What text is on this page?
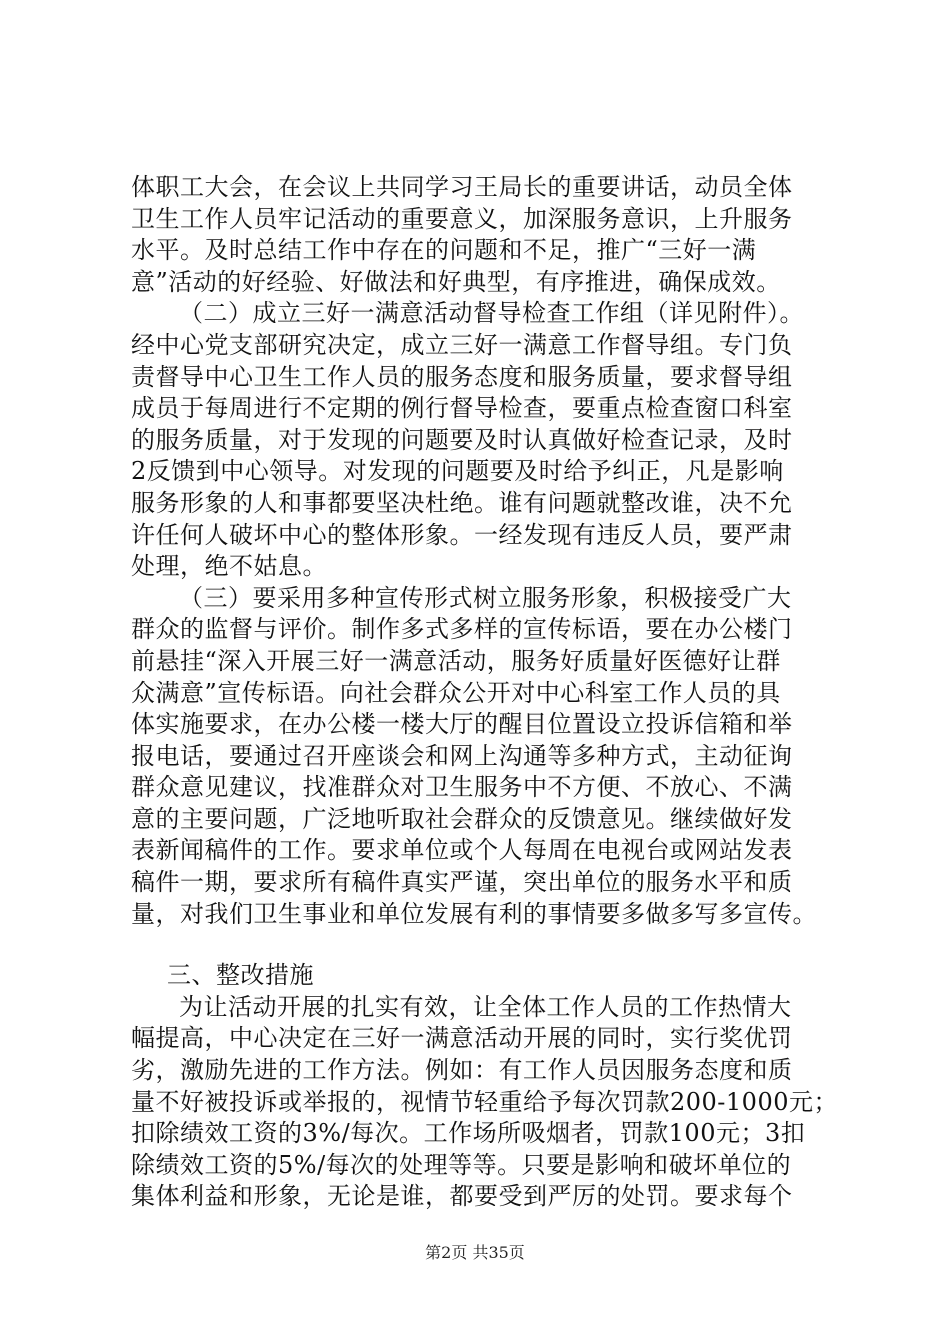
体职工大会，在会议上共同学习王局长的重要讲话，动员全体
卫生工作人员牢记活动的重要意义，加深服务意识，上升服务
水平。及时总结工作中存在的问题和不足，推广“三好一满
意”活动的好经验、好做法和好典型，有序推进，确保成效。
（二）成立三好一满意活动督导检查工作组（详见附件）。
经中心党支部研究决定，成立三好一满意工作督导组。专门负
责督导中心卫生工作人员的服务态度和服务质量，要求督导组
成员于每周进行不定期的例行督导检查，要重点检查窗口科室
的服务质量，对于发现的问题要及时认真做好检查记录，及时
2反馈到中心领导。对发现的问题要及时给予纠正，凡是影响
服务形象的人和事都要坚决杜绝。谁有问题就整改谁，决不允
许任何人破坏中心的整体形象。一经发现有违反人员，要严肃
处理，绝不姑息。
（三）要采用多种宣传形式树立服务形象，积极接受广大
群众的监督与评价。制作多式多样的宣传标语，要在办公楼门
前悬挂“深入开展三好一满意活动，服务好质量好医德好让群
众满意”宣传标语。向社会群众公开对中心科室工作人员的具
体实施要求，在办公楼一楼大厅的醒目位置设立投诉信箱和举
报电话，要通过召开座谈会和网上沟通等多种方式，主动征询
群众意见建议，找准群众对卫生服务中不方便、不放心、不满
意的主要问题，广泛地听取社会群众的反馈意见。继续做好发
表新闻稿件的工作。要求单位或个人每周在电视台或网站发表
稿件一期，要求所有稿件真实严谨，突出单位的服务水平和质
量，对我们卫生事业和单位发展有利的事情要多做多写多宣传。
三、整改措施
为让活动开展的扎实有效，让全体工作人员的工作热情大
幅提高，中心决定在三好一满意活动开展的同时，实行奖优罚
劣，激励先进的工作方法。例如：有工作人员因服务态度和质
量不好被投诉或举报的，视情节轻重给予每次罚款200-1000元；
扣除绩效工资的3%/每次。工作场所吸烟者，罚款100元；3扣
除绩效工资的5%/每次的处理等等。只要是影响和破坏单位的
集体利益和形象，无论是谁，都要受到严厉的处罚。要求每个
第2页 共35页
